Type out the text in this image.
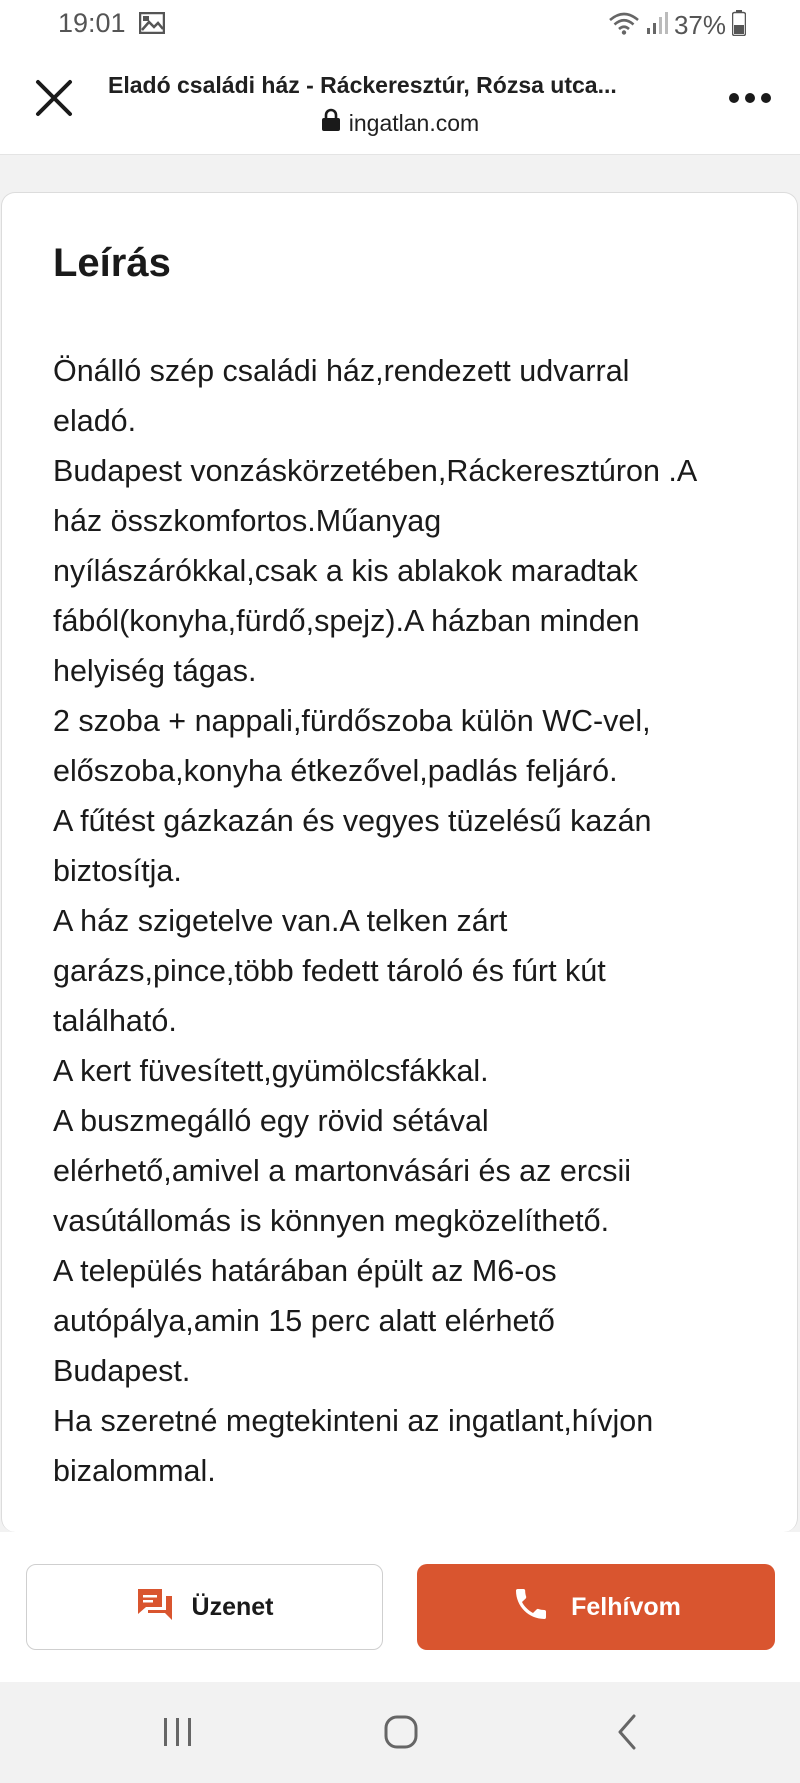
19:01	37%
Eladó családi ház - Ráckeresztúr, Rózsa utca...
ingatlan.com
Leírás
Önálló szép családi ház,rendezett udvarral
eladó.
Budapest vonzáskörzetében,Ráckeresztúron .A
ház összkomfortos.Műanyag
nyílászárókkal,csak a kis ablakok maradtak
fából(konyha,fürdő,spejz).A házban minden
helyiség tágas.
2 szoba + nappali,fürdőszoba külön WC-vel,
előszoba,konyha étkezővel,padlás feljáró.
A fűtést gázkazán és vegyes tüzelésű kazán
biztosítja.
A ház szigetelve van.A telken zárt
garázs,pince,több fedett tároló és fúrt kút
található.
A kert füvesített,gyümölcsfákkal.
A buszmegálló egy rövid sétával
elérhető,amivel a martonvásári és az ercsii
vasútállomás is könnyen megközelíthető.
A település határában épült az M6-os
autópálya,amin 15 perc alatt elérhető
Budapest.
Ha szeretné megtekinteni az ingatlant,hívjon
bizalommal.
Üzenet	Felhívom
